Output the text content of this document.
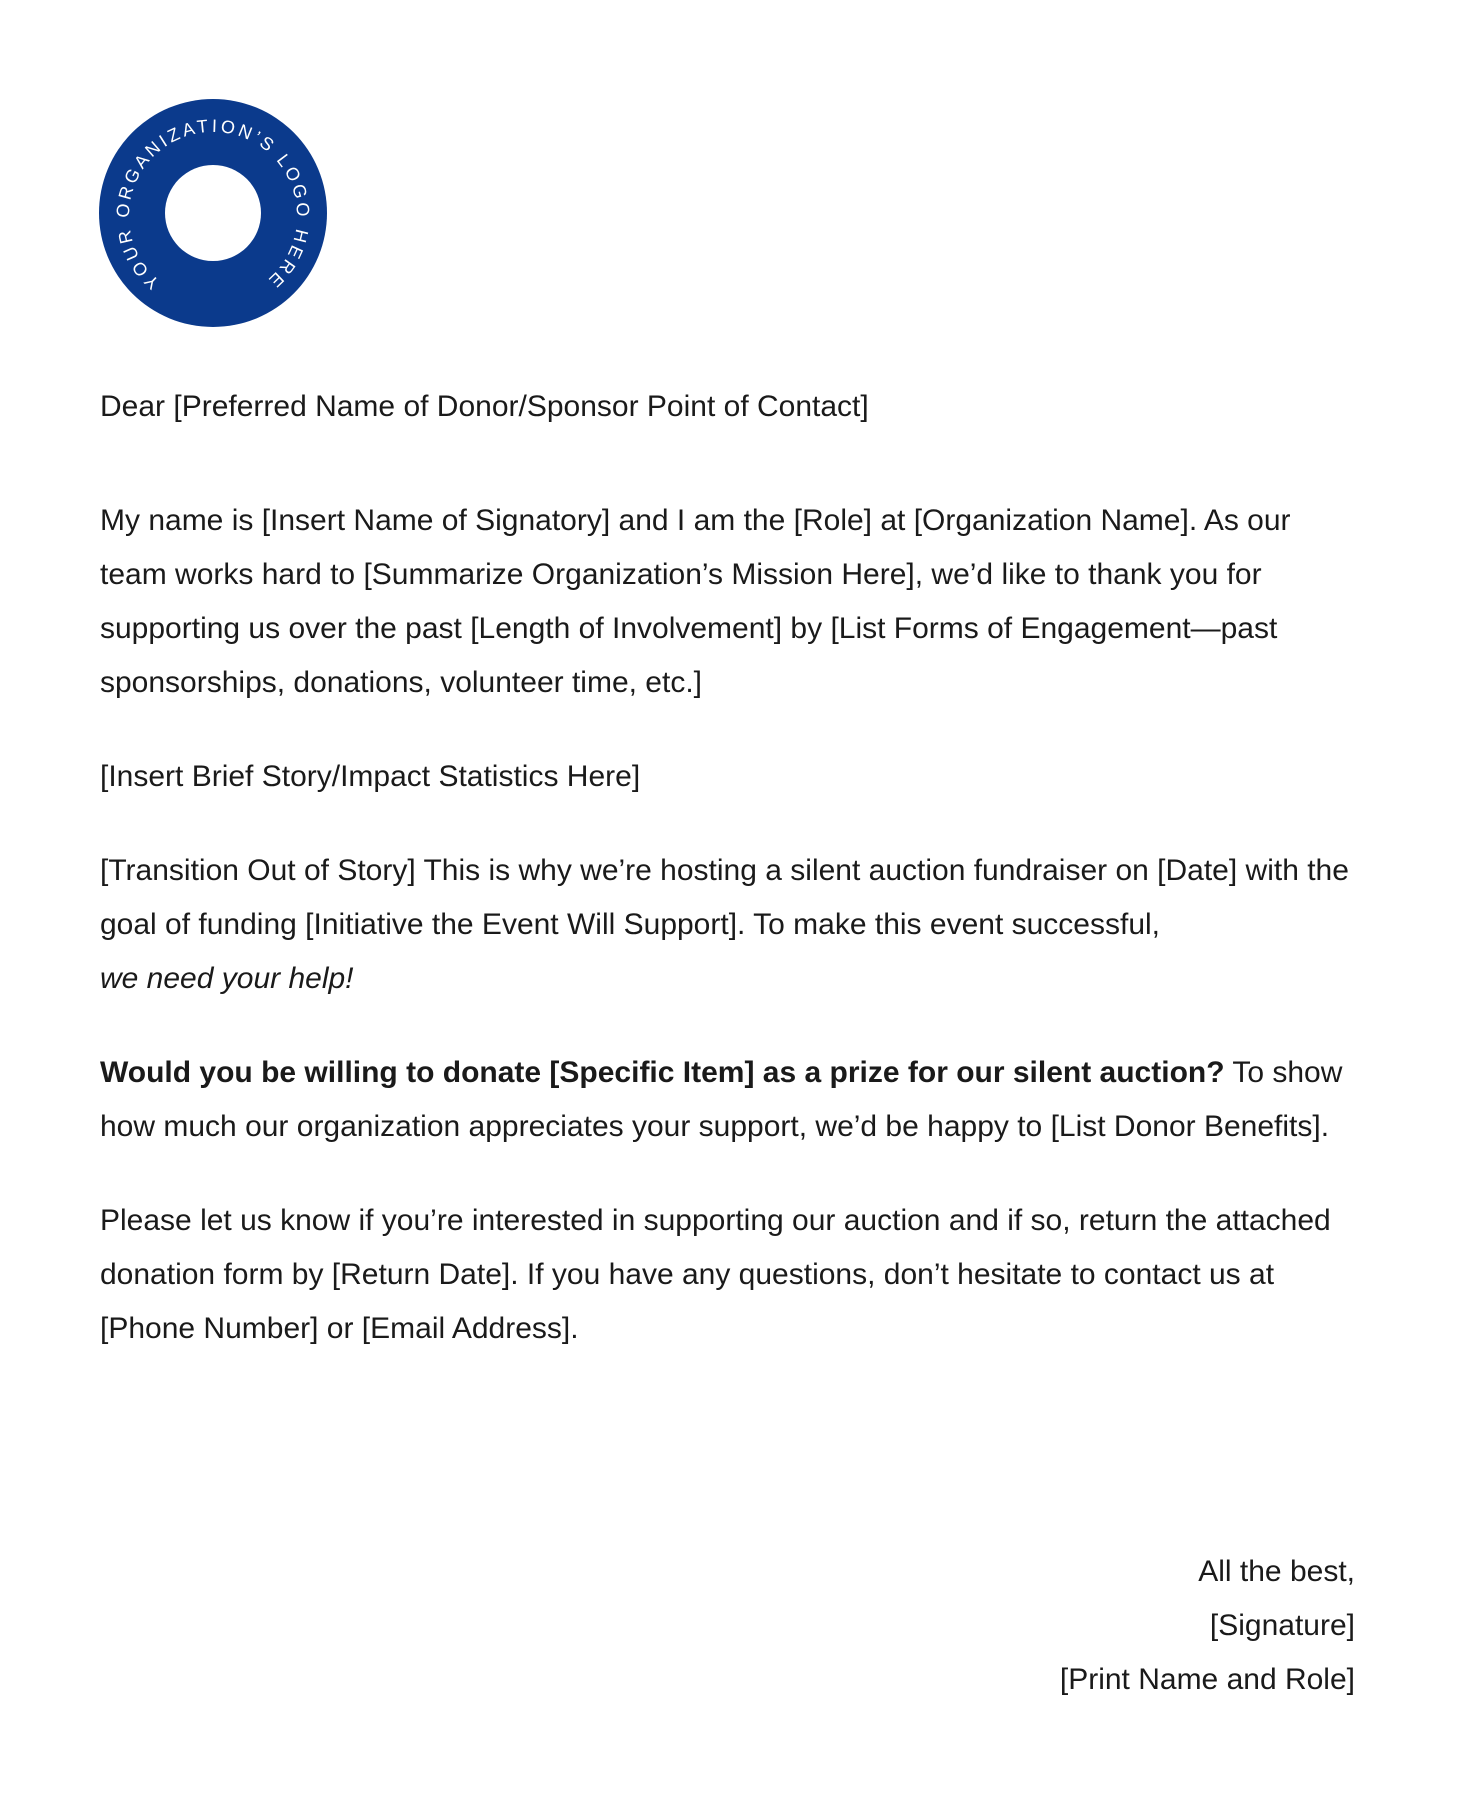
YOUR ORGANIZATION’S LOGO HERE
Dear [Preferred Name of Donor/Sponsor Point of Contact]

My name is [Insert Name of Signatory] and I am the [Role] at [Organization Name]. As our team works hard to [Summarize Organization’s Mission Here], we’d like to thank you for supporting us over the past [Length of Involvement] by [List Forms of Engagement—past sponsorships, donations, volunteer time, etc.]

[Insert Brief Story/Impact Statistics Here]

[Transition Out of Story] This is why we’re hosting a silent auction fundraiser on [Date] with the goal of funding [Initiative the Event Will Support]. To make this event successful,
we need your help!

Would you be willing to donate [Specific Item] as a prize for our silent auction? To show how much our organization appreciates your support, we’d be happy to [List Donor Benefits].

Please let us know if you’re interested in supporting our auction and if so, return the attached donation form by [Return Date]. If you have any questions, don’t hesitate to contact us at [Phone Number] or [Email Address].

All the best,
[Signature]
[Print Name and Role]
